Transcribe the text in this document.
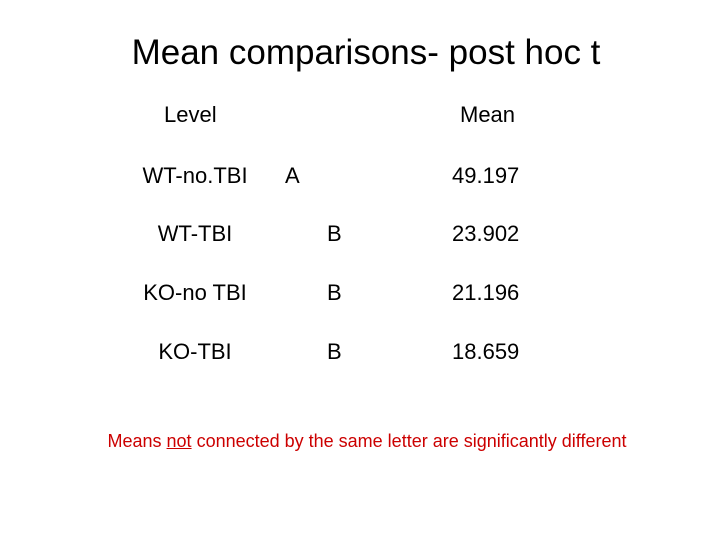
Mean comparisons- post hoc t
Level	Mean
WT-no.TBI	A	49.197
WT-TBI	B	23.902
KO-no TBI	B	21.196
KO-TBI	B	18.659
Means not connected by the same letter are significantly different
